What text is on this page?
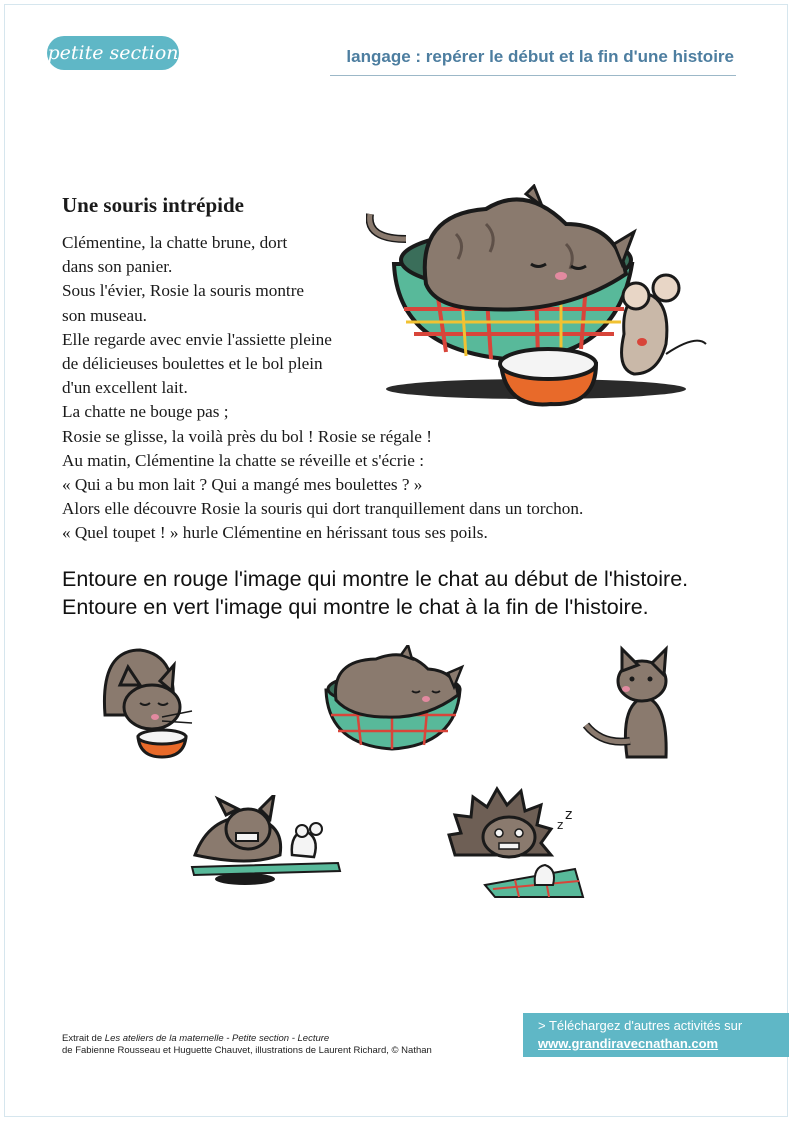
petite section	langage : repérer le début et la fin d'une histoire
Une souris intrépide

Clémentine, la chatte brune, dort

dans son panier.

Sous l'évier, Rosie la souris montre

son museau.

Elle regarde avec envie l'assiette pleine

de délicieuses boulettes et le bol plein

d'un excellent lait.

La chatte ne bouge pas ;

Rosie se glisse, la voilà près du bol ! Rosie se régale !

Au matin, Clémentine la chatte se réveille et s'écrie :

« Qui a bu mon lait ? Qui a mangé mes boulettes ? »

Alors elle découvre Rosie la souris qui dort tranquillement dans un torchon.

« Quel toupet ! » hurle Clémentine en hérissant tous ses poils.

Entoure en rouge l'image qui montre le chat au début de l'histoire.

Entoure en vert l'image qui montre le chat à la fin de l'histoire.

z
z
Extrait de Les ateliers de la maternelle - Petite section - Lecture
de Fabienne Rousseau et Huguette Chauvet, illustrations de Laurent Richard, © Nathan
> Téléchargez d'autres activités sur
www.grandiravecnathan.com
